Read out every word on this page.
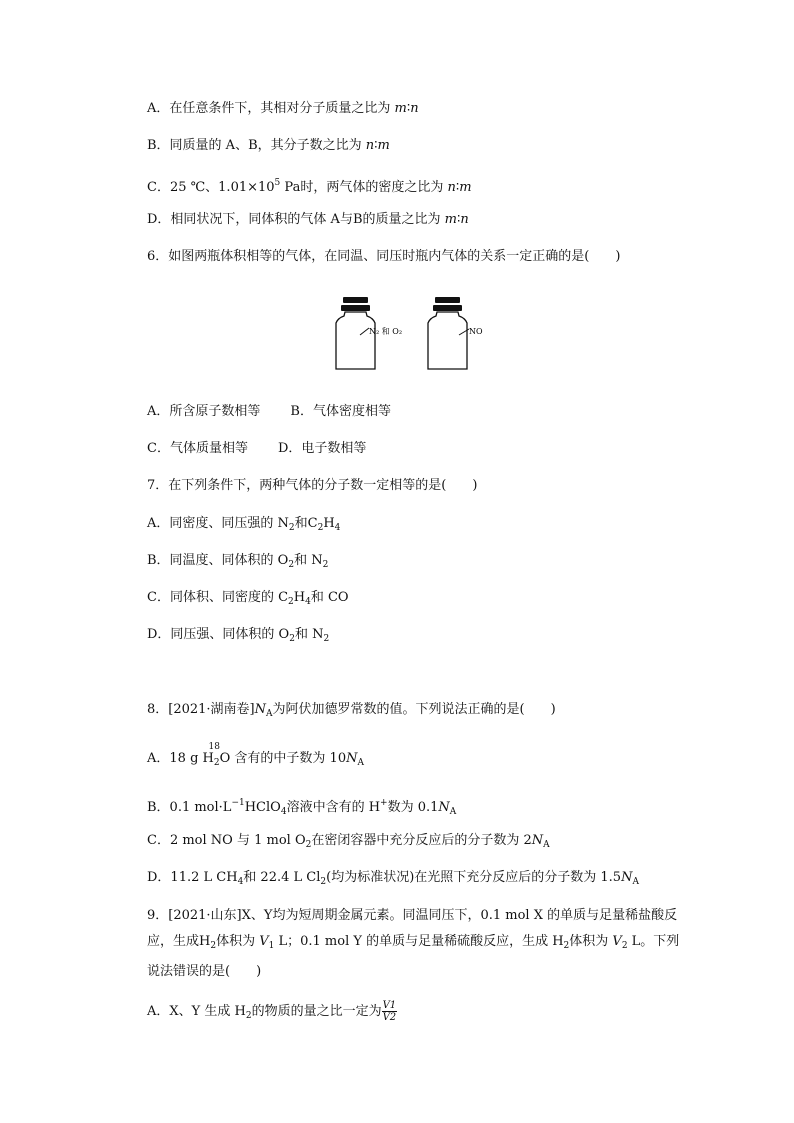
A．在任意条件下，其相对分子质量之比为 m∶n
B．同质量的 A、B，其分子数之比为 n∶m
C．25 ℃、$1.01\times 10^5$ Pa时，两气体的密度之比为 n∶m
D．相同状况下，同体积的气体 A与B的质量之比为 m∶n
6．如图两瓶体积相等的气体，在同温、同压时瓶内气体的关系一定正确的是(　　)
N₂ 和 O₂	NO
A．所含原子数相等 B．气体密度相等
C．气体质量相等 D．电子数相等
7．在下列条件下，两种气体的分子数一定相等的是(　　)
A．同密度、同压强的 $N_2$和$C_2H_4$
B．同温度、同体积的 $O_2$和 $N_2$
C．同体积、同密度的 $C_2H_4$和 CO
D．同压强、同体积的 $O_2$和 $N_2$
8．[2021·湖南卷]$N_A$为阿伏加德罗常数的值。下列说法正确的是(　　)
A．18 g $H_2$
18
O 含有的中子数为 $10N_A$
B．0.1 $mol\cdot L^{-1}HClO_4$溶液中含有的 H+数为 $0.1N_A$
C．2 mol NO 与 1 mol $O_2$在密闭容器中充分反应后的分子数为 $2N_A$
D．11.2 L $CH_4$和 22.4 L $Cl_2$(均为标准状况)在光照下充分反应后的分子数为 $1.5N_A$
9．[2021·山东]X、Y均为短周期金属元素。同温同压下，0.1 mol X 的单质与足量稀盐酸反应，生成$H_2$体积为 $V_1$ L；0.1 mol Y 的单质与足量稀硫酸反应，生成 $H_2$体积为 $V_2$ L。下列说法错误的是(　　)
A．X、Y 生成 $H_2$的物质的量之比一定为 $\frac{V1}{V2}$
